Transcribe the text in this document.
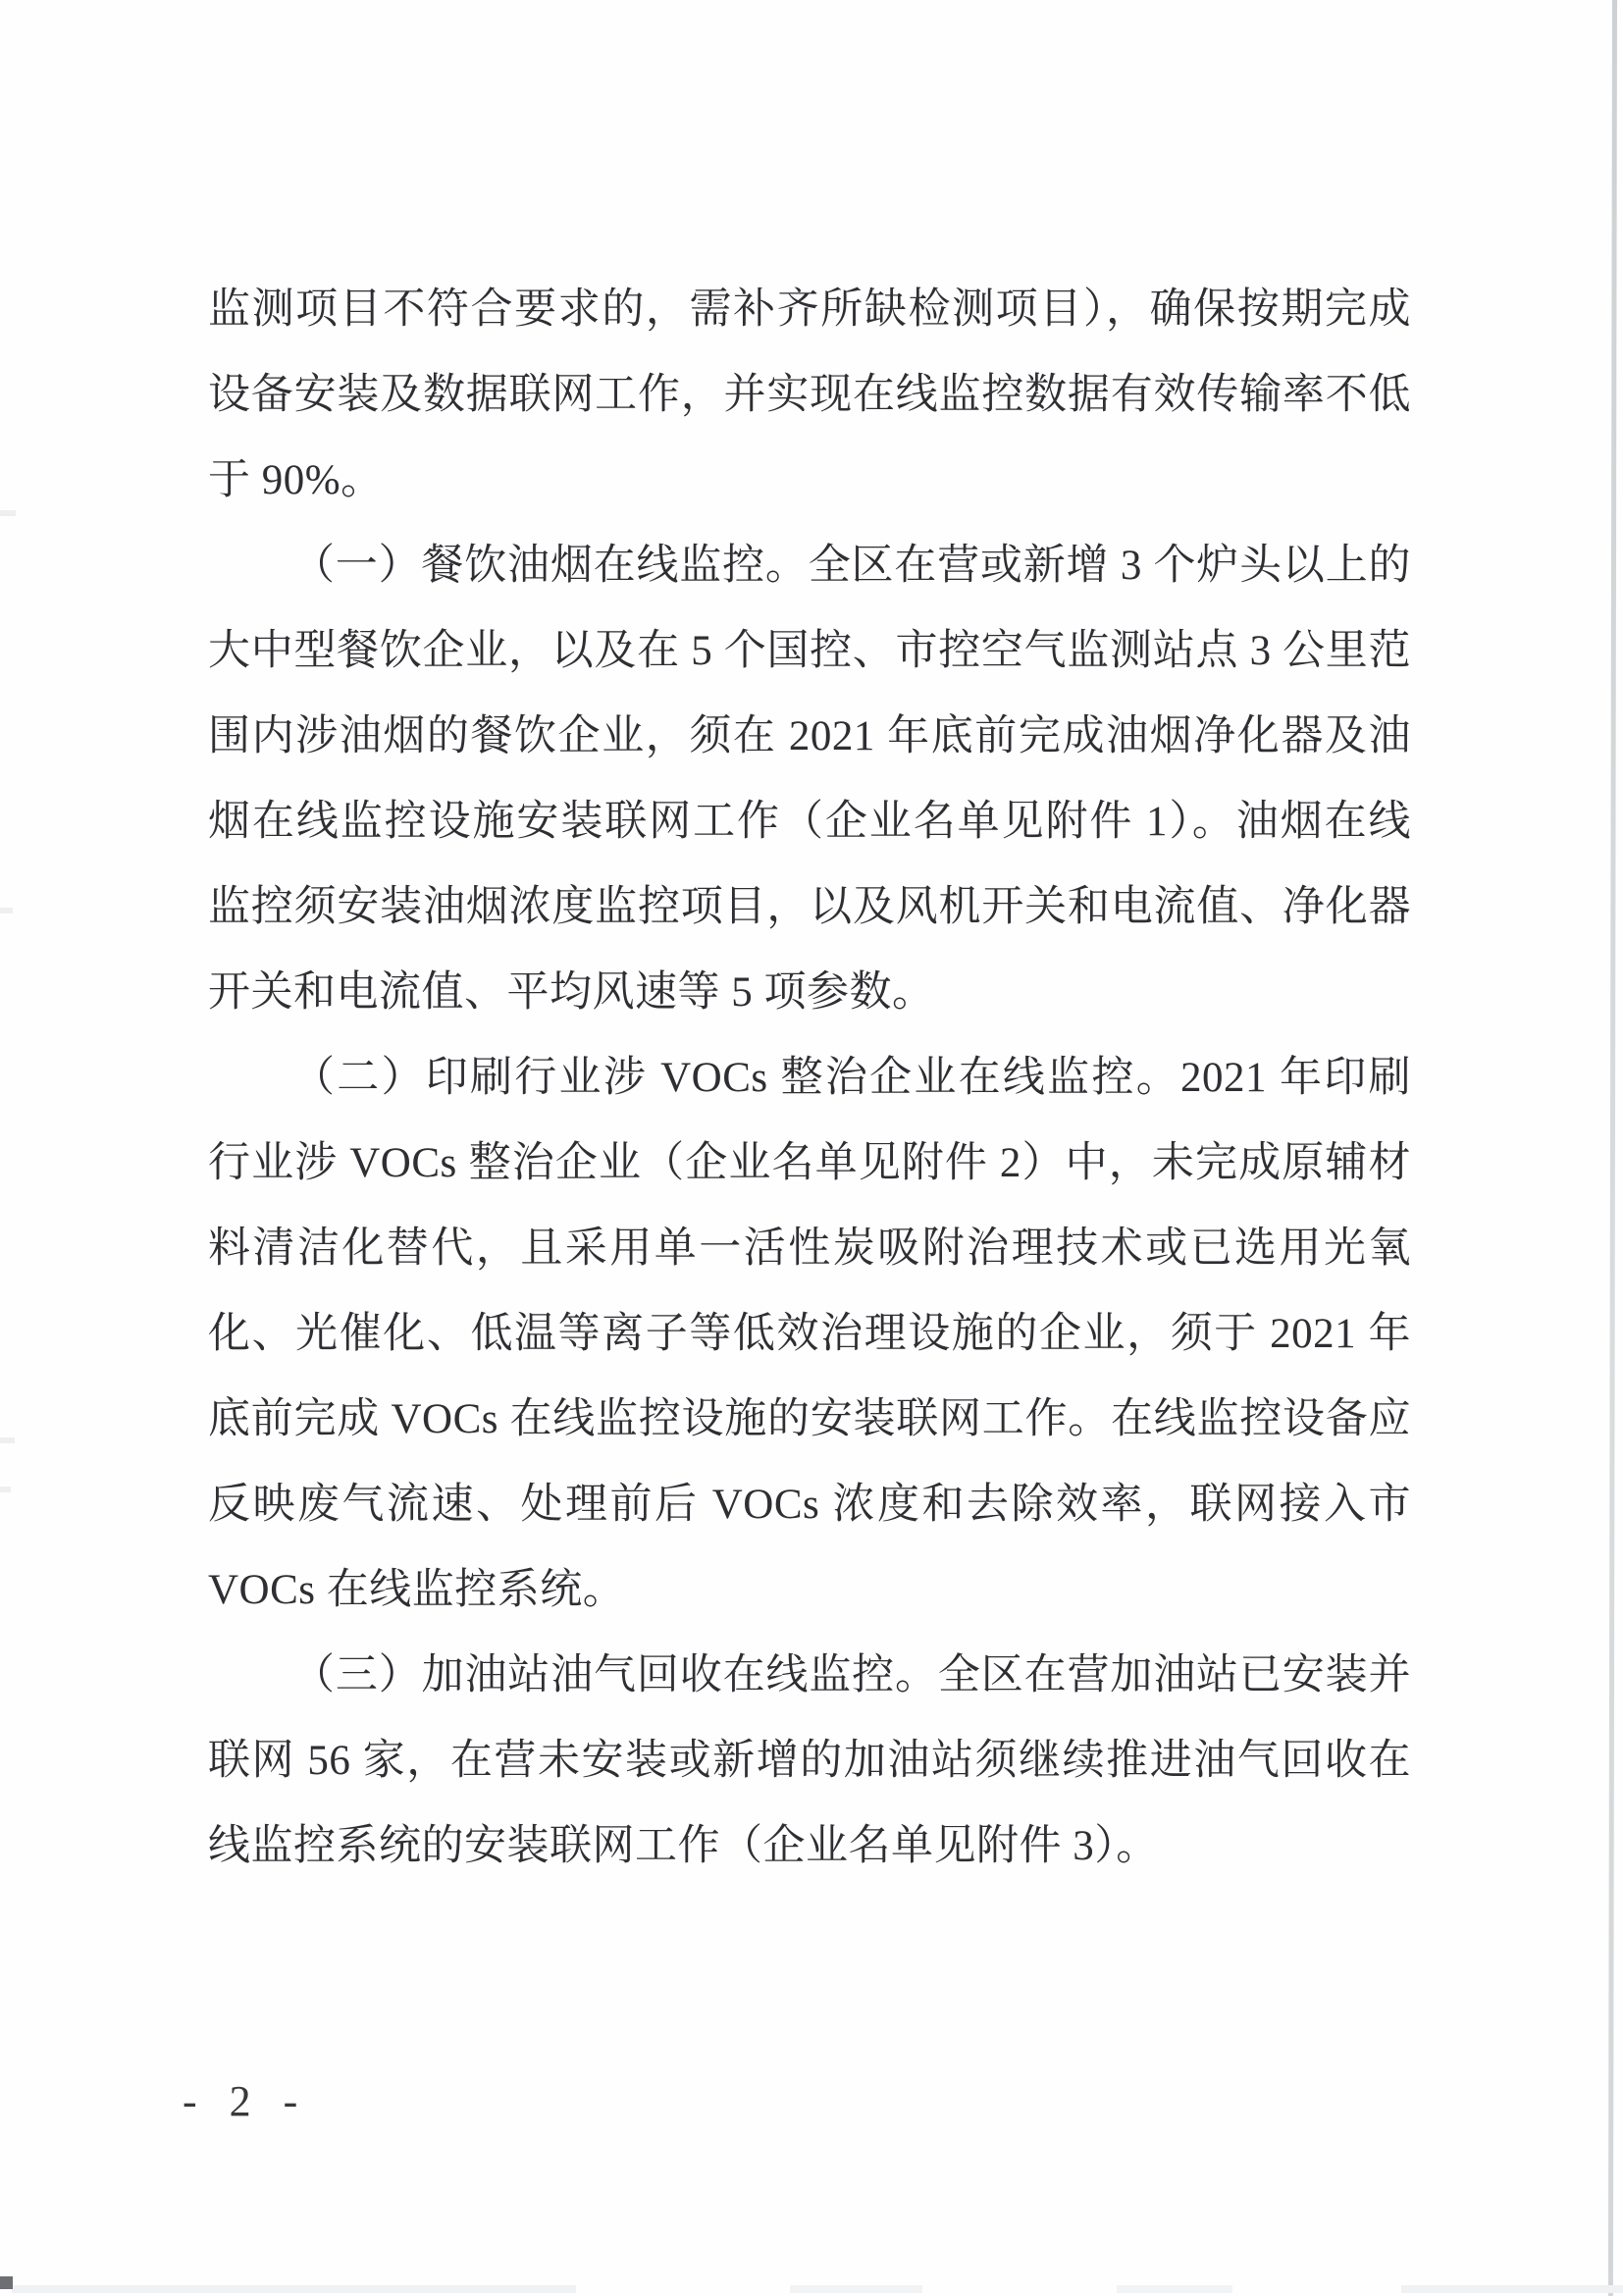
监测项目不符合要求的，需补齐所缺检测项目），确保按期完成
设备安装及数据联网工作，并实现在线监控数据有效传输率不低
于 90%。
（一）餐饮油烟在线监控。全区在营或新增 3 个炉头以上的
大中型餐饮企业，以及在 5 个国控、市控空气监测站点 3 公里范
围内涉油烟的餐饮企业，须在 2021 年底前完成油烟净化器及油
烟在线监控设施安装联网工作（企业名单见附件 1）。油烟在线
监控须安装油烟浓度监控项目，以及风机开关和电流值、净化器
开关和电流值、平均风速等 5 项参数。
（二）印刷行业涉 VOCs 整治企业在线监控。2021 年印刷
行业涉 VOCs 整治企业（企业名单见附件 2）中，未完成原辅材
料清洁化替代，且采用单一活性炭吸附治理技术或已选用光氧
化、光催化、低温等离子等低效治理设施的企业，须于 2021 年
底前完成 VOCs 在线监控设施的安装联网工作。在线监控设备应
反映废气流速、处理前后 VOCs 浓度和去除效率，联网接入市
VOCs 在线监控系统。
（三）加油站油气回收在线监控。全区在营加油站已安装并
联网 56 家，在营未安装或新增的加油站须继续推进油气回收在
线监控系统的安装联网工作（企业名单见附件 3）。
- 2 -
